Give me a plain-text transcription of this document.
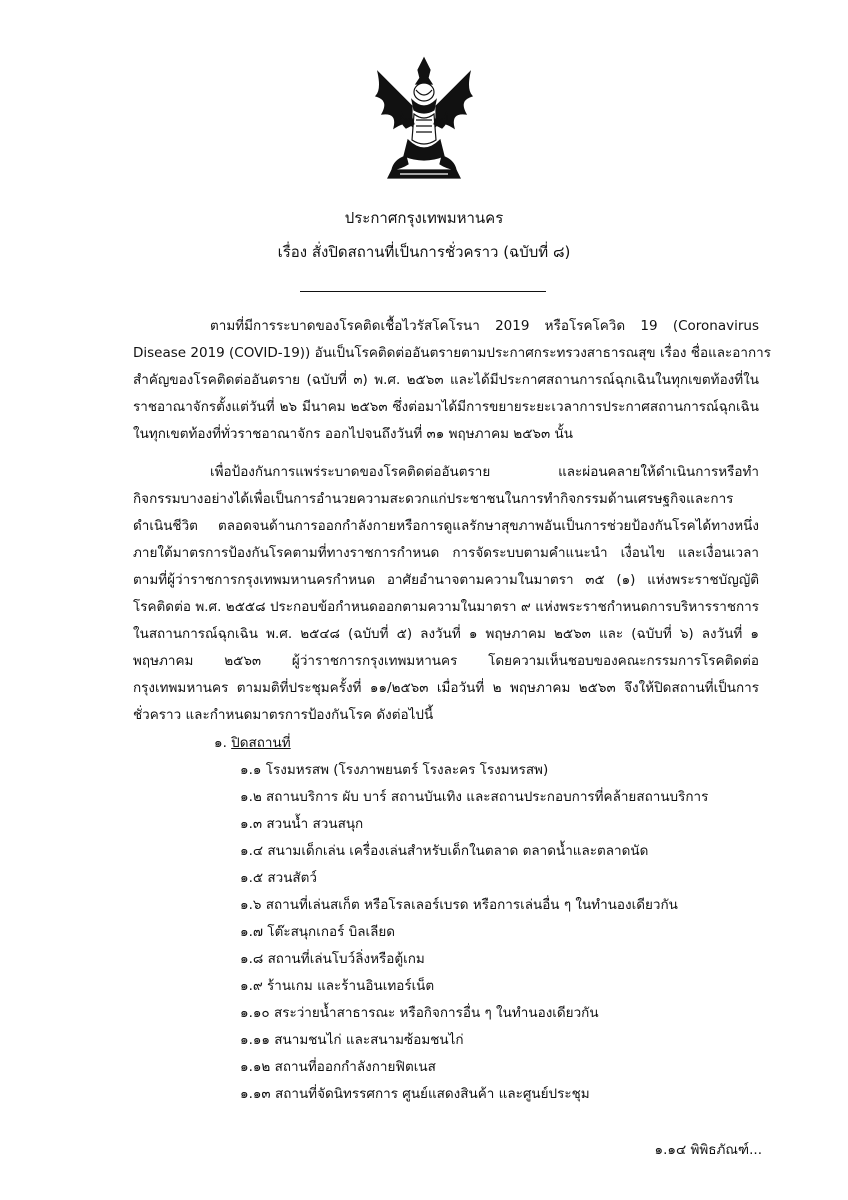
ประกาศกรุงเทพมหานคร
เรื่อง สั่งปิดสถานที่เป็นการชั่วคราว (ฉบับที่ ๘)
ตามที่มีการระบาดของโรคติดเชื้อไวรัสโคโรนา 2019 หรือโรคโควิด 19 (Coronavirus
Disease 2019 (COVID-19)) อันเป็นโรคติดต่ออันตรายตามประกาศกระทรวงสาธารณสุข เรื่อง ชื่อและอาการ
สำคัญของโรคติดต่ออันตราย (ฉบับที่ ๓) พ.ศ. ๒๕๖๓ และได้มีประกาศสถานการณ์ฉุกเฉินในทุกเขตท้องที่ใน
ราชอาณาจักรตั้งแต่วันที่ ๒๖ มีนาคม ๒๕๖๓ ซึ่งต่อมาได้มีการขยายระยะเวลาการประกาศสถานการณ์ฉุกเฉิน
ในทุกเขตท้องที่ทั่วราชอาณาจักร ออกไปจนถึงวันที่ ๓๑ พฤษภาคม ๒๕๖๓ นั้น
เพื่อป้องกันการแพร่ระบาดของโรคติดต่ออันตราย และผ่อนคลายให้ดำเนินการหรือทำ
กิจกรรมบางอย่างได้เพื่อเป็นการอำนวยความสะดวกแก่ประชาชนในการทำกิจกรรมด้านเศรษฐกิจและการ
ดำเนินชีวิต ตลอดจนด้านการออกกำลังกายหรือการดูแลรักษาสุขภาพอันเป็นการช่วยป้องกันโรคได้ทางหนึ่ง
ภายใต้มาตรการป้องกันโรคตามที่ทางราชการกำหนด การจัดระบบตามคำแนะนำ เงื่อนไข และเงื่อนเวลา
ตามที่ผู้ว่าราชการกรุงเทพมหานครกำหนด อาศัยอำนาจตามความในมาตรา ๓๕ (๑) แห่งพระราชบัญญัติ
โรคติดต่อ พ.ศ. ๒๕๕๘ ประกอบข้อกำหนดออกตามความในมาตรา ๙ แห่งพระราชกำหนดการบริหารราชการ
ในสถานการณ์ฉุกเฉิน พ.ศ. ๒๕๔๘ (ฉบับที่ ๕) ลงวันที่ ๑ พฤษภาคม ๒๕๖๓ และ (ฉบับที่ ๖) ลงวันที่ ๑
พฤษภาคม ๒๕๖๓ ผู้ว่าราชการกรุงเทพมหานคร โดยความเห็นชอบของคณะกรรมการโรคติดต่อ
กรุงเทพมหานคร ตามมติที่ประชุมครั้งที่ ๑๑/๒๕๖๓ เมื่อวันที่ ๒ พฤษภาคม ๒๕๖๓ จึงให้ปิดสถานที่เป็นการ
ชั่วคราว และกำหนดมาตรการป้องกันโรค ดังต่อไปนี้
๑. ปิดสถานที่
๑.๑ โรงมหรสพ (โรงภาพยนตร์ โรงละคร โรงมหรสพ)
๑.๒ สถานบริการ ผับ บาร์ สถานบันเทิง และสถานประกอบการที่คล้ายสถานบริการ
๑.๓ สวนน้ำ สวนสนุก
๑.๔ สนามเด็กเล่น เครื่องเล่นสำหรับเด็กในตลาด ตลาดน้ำและตลาดนัด
๑.๕ สวนสัตว์
๑.๖ สถานที่เล่นสเก็ต หรือโรลเลอร์เบรด หรือการเล่นอื่น ๆ ในทำนองเดียวกัน
๑.๗ โต๊ะสนุกเกอร์ บิลเลียด
๑.๘ สถานที่เล่นโบว์ลิ่งหรือตู้เกม
๑.๙ ร้านเกม และร้านอินเทอร์เน็ต
๑.๑๐ สระว่ายน้ำสาธารณะ หรือกิจการอื่น ๆ ในทำนองเดียวกัน
๑.๑๑ สนามชนไก่ และสนามซ้อมชนไก่
๑.๑๒ สถานที่ออกกำลังกายฟิตเนส
๑.๑๓ สถานที่จัดนิทรรศการ ศูนย์แสดงสินค้า และศูนย์ประชุม
๑.๑๔ พิพิธภัณฑ์...
